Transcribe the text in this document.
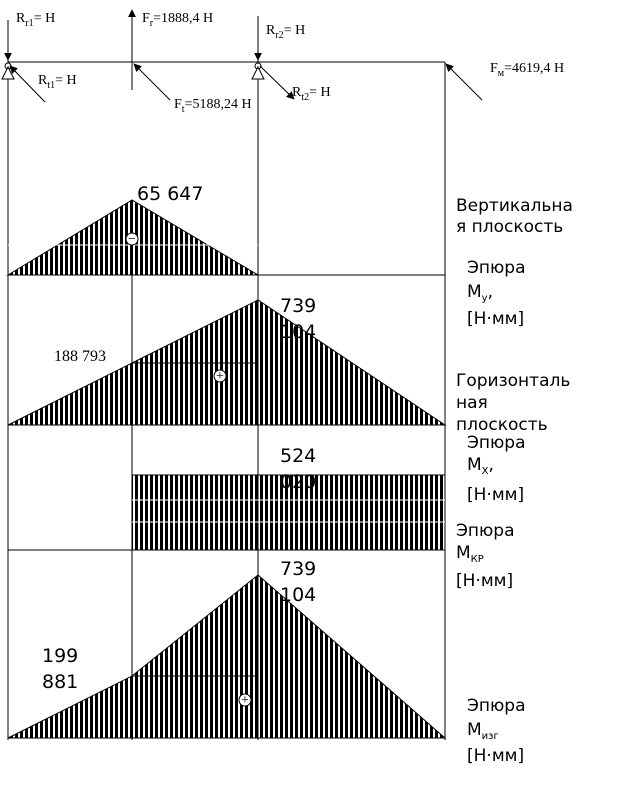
$R_{r1}= Н$	$F_r=1888,4$ Н
$R_{r2}= Н$
$F_м=4619,4$ Н
$R_{t1}= Н$
$F_t=5188,24$ Н
$R_{t2}= Н$
−
65 647
+
739
104
188 793
524
020
+
739
104
199
881
Вертикальна
я плоскость
Эпюра
$М_у$,
[Н·мм]
Горизонталь
ная
плоскость
Эпюра
$М_Х$,
[Н·мм]
Эпюра
$М_{КР}$
[Н·мм]
Эпюра
$М_{изг}$
[Н·мм]
